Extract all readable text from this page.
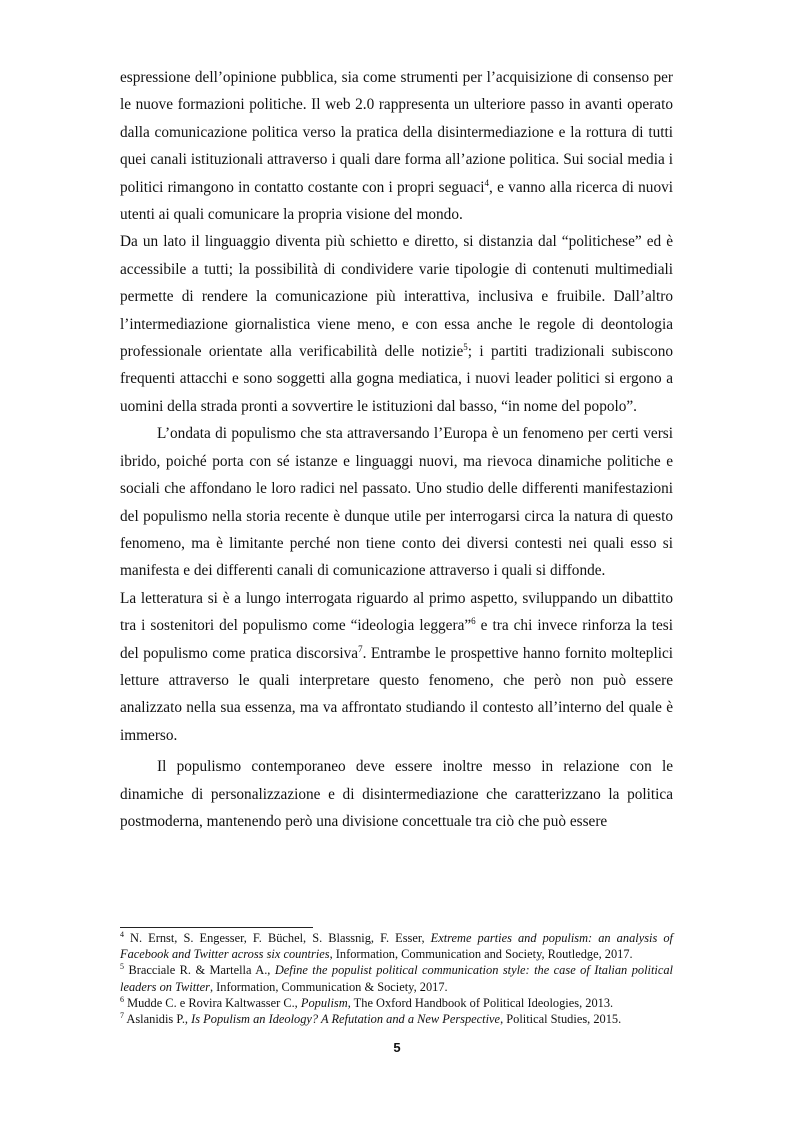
espressione dell’opinione pubblica, sia come strumenti per l’acquisizione di consenso per le nuove formazioni politiche. Il web 2.0 rappresenta un ulteriore passo in avanti operato dalla comunicazione politica verso la pratica della disintermediazione e la rottura di tutti quei canali istituzionali attraverso i quali dare forma all’azione politica. Sui social media i politici rimangono in contatto costante con i propri seguaci$^4$, e vanno alla ricerca di nuovi utenti ai quali comunicare la propria visione del mondo.

Da un lato il linguaggio diventa più schietto e diretto, si distanzia dal “politichese” ed è accessibile a tutti; la possibilità di condividere varie tipologie di contenuti multimediali permette di rendere la comunicazione più interattiva, inclusiva e fruibile. Dall’altro l’intermediazione giornalistica viene meno, e con essa anche le regole di deontologia professionale orientate alla verificabilità delle notizie$^5$; i partiti tradizionali subiscono frequenti attacchi e sono soggetti alla gogna mediatica, i nuovi leader politici si ergono a uomini della strada pronti a sovvertire le istituzioni dal basso, “in nome del popolo”.

L’ondata di populismo che sta attraversando l’Europa è un fenomeno per certi versi ibrido, poiché porta con sé istanze e linguaggi nuovi, ma rievoca dinamiche politiche e sociali che affondano le loro radici nel passato. Uno studio delle differenti manifestazioni del populismo nella storia recente è dunque utile per interrogarsi circa la natura di questo fenomeno, ma è limitante perché non tiene conto dei diversi contesti nei quali esso si manifesta e dei differenti canali di comunicazione attraverso i quali si diffonde.

La letteratura si è a lungo interrogata riguardo al primo aspetto, sviluppando un dibattito tra i sostenitori del populismo come “ideologia leggera”$^6$ e tra chi invece rinforza la tesi del populismo come pratica discorsiva$^7$. Entrambe le prospettive hanno fornito molteplici letture attraverso le quali interpretare questo fenomeno, che però non può essere analizzato nella sua essenza, ma va affrontato studiando il contesto all’interno del quale è immerso.

Il populismo contemporaneo deve essere inoltre messo in relazione con le dinamiche di personalizzazione e di disintermediazione che caratterizzano la politica postmoderna, mantenendo però una divisione concettuale tra ciò che può essere

$^4$ N. Ernst, S. Engesser, F. Büchel, S. Blassnig, F. Esser, Extreme parties and populism: an analysis of Facebook and Twitter across six countries, Information, Communication and Society, Routledge, 2017.

$^5$ Bracciale R. & Martella A., Define the populist political communication style: the case of Italian political leaders on Twitter, Information, Communication & Society, 2017.

$^6$ Mudde C. e Rovira Kaltwasser C., Populism, The Oxford Handbook of Political Ideologies, 2013.

$^7$ Aslanidis P., Is Populism an Ideology? A Refutation and a New Perspective, Political Studies, 2015.

5
